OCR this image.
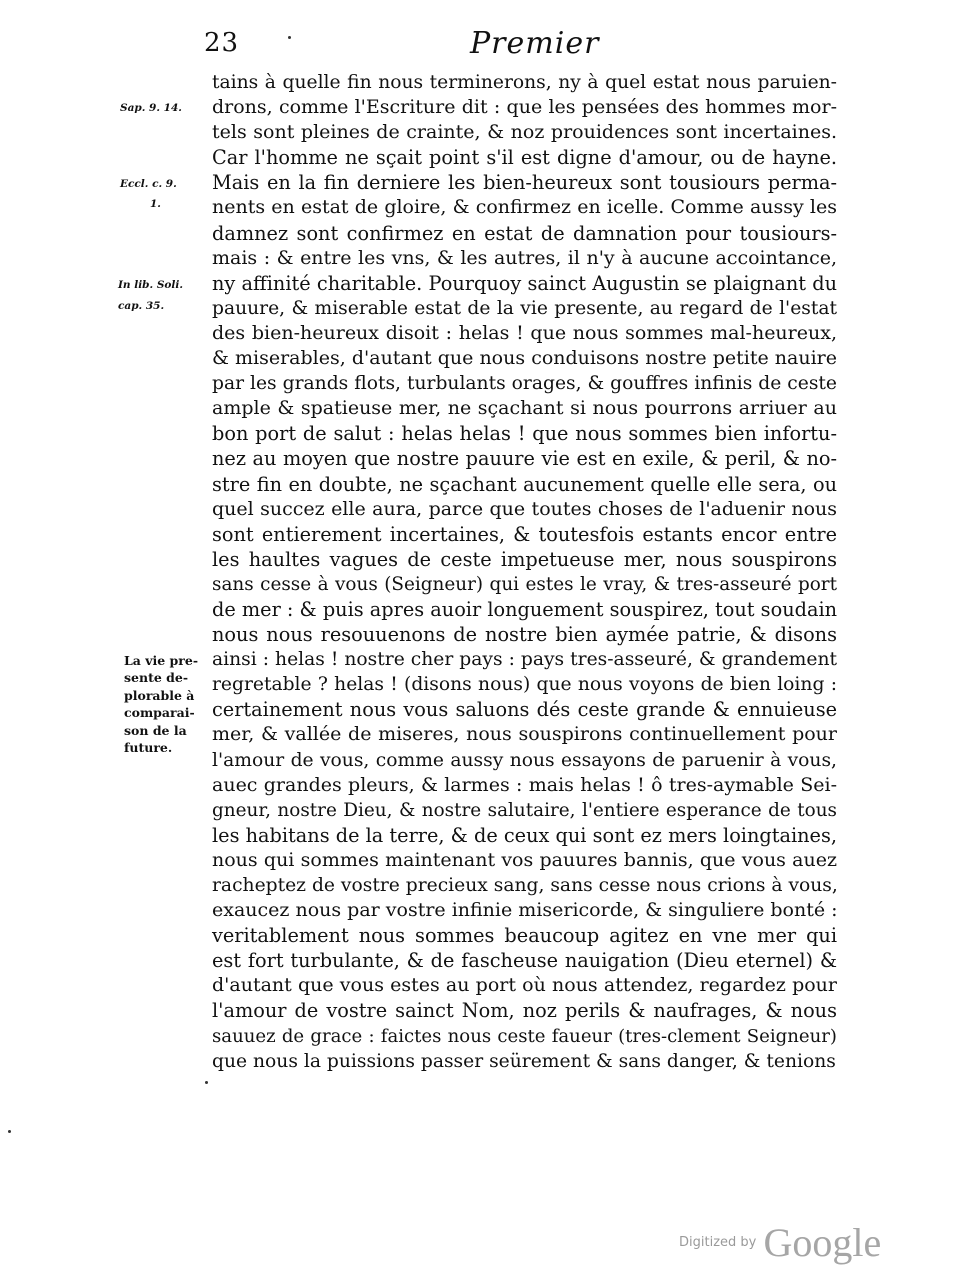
23	Premier
Sap. 9. 14.
Eccl. c. 9.
1.
In lib. Soli.
cap. 35.
La vie pre-
sente de-
plorable à
comparai-
son de la
future.
tains à quelle fin nous terminerons, ny à quel estat nous paruien-
drons, comme l'Escriture dit : que les pensées des hommes mor-
tels sont pleines de crainte, & noz prouidences sont incertaines.
Car l'homme ne sçait point s'il est digne d'amour, ou de hayne.
Mais en la fin derniere les bien-heureux sont tousiours perma-
nents en estat de gloire, & confirmez en icelle. Comme aussy les
damnez sont confirmez en estat de damnation pour tousiours-
mais : & entre les vns, & les autres, il n'y à aucune accointance,
ny affinité charitable. Pourquoy sainct Augustin se plaignant du
pauure, & miserable estat de la vie presente, au regard de l'estat
des bien-heureux disoit : helas ! que nous sommes mal-heureux,
& miserables, d'autant que nous conduisons nostre petite nauire
par les grands flots, turbulants orages, & gouffres infinis de ceste
ample & spatieuse mer, ne sçachant si nous pourrons arriuer au
bon port de salut : helas helas ! que nous sommes bien infortu-
nez au moyen que nostre pauure vie est en exile, & peril, & no-
stre fin en doubte, ne sçachant aucunement quelle elle sera, ou
quel succez elle aura, parce que toutes choses de l'aduenir nous
sont entierement incertaines, & toutesfois estants encor entre
les haultes vagues de ceste impetueuse mer, nous souspirons
sans cesse à vous (Seigneur) qui estes le vray, & tres-asseuré port
de mer : & puis apres auoir longuement souspirez, tout soudain
nous nous resouuenons de nostre bien aymée patrie, & disons
ainsi : helas ! nostre cher pays : pays tres-asseuré, & grandement
regretable ? helas ! (disons nous) que nous voyons de bien loing :
certainement nous vous saluons dés ceste grande & ennuieuse
mer, & vallée de miseres, nous souspirons continuellement pour
l'amour de vous, comme aussy nous essayons de paruenir à vous,
auec grandes pleurs, & larmes : mais helas ! ô tres-aymable Sei-
gneur, nostre Dieu, & nostre salutaire, l'entiere esperance de tous
les habitans de la terre, & de ceux qui sont ez mers loingtaines,
nous qui sommes maintenant vos pauures bannis, que vous auez
racheptez de vostre precieux sang, sans cesse nous crions à vous,
exaucez nous par vostre infinie misericorde, & singuliere bonté :
veritablement nous sommes beaucoup agitez en vne mer qui
est fort turbulante, & de fascheuse nauigation (Dieu eternel) &
d'autant que vous estes au port où nous attendez, regardez pour
l'amour de vostre sainct Nom, noz perils & naufrages, & nous
sauuez de grace : faictes nous ceste faueur (tres-clement Seigneur)
que nous la puissions passer seürement & sans danger, & tenions
Digitized by Google
